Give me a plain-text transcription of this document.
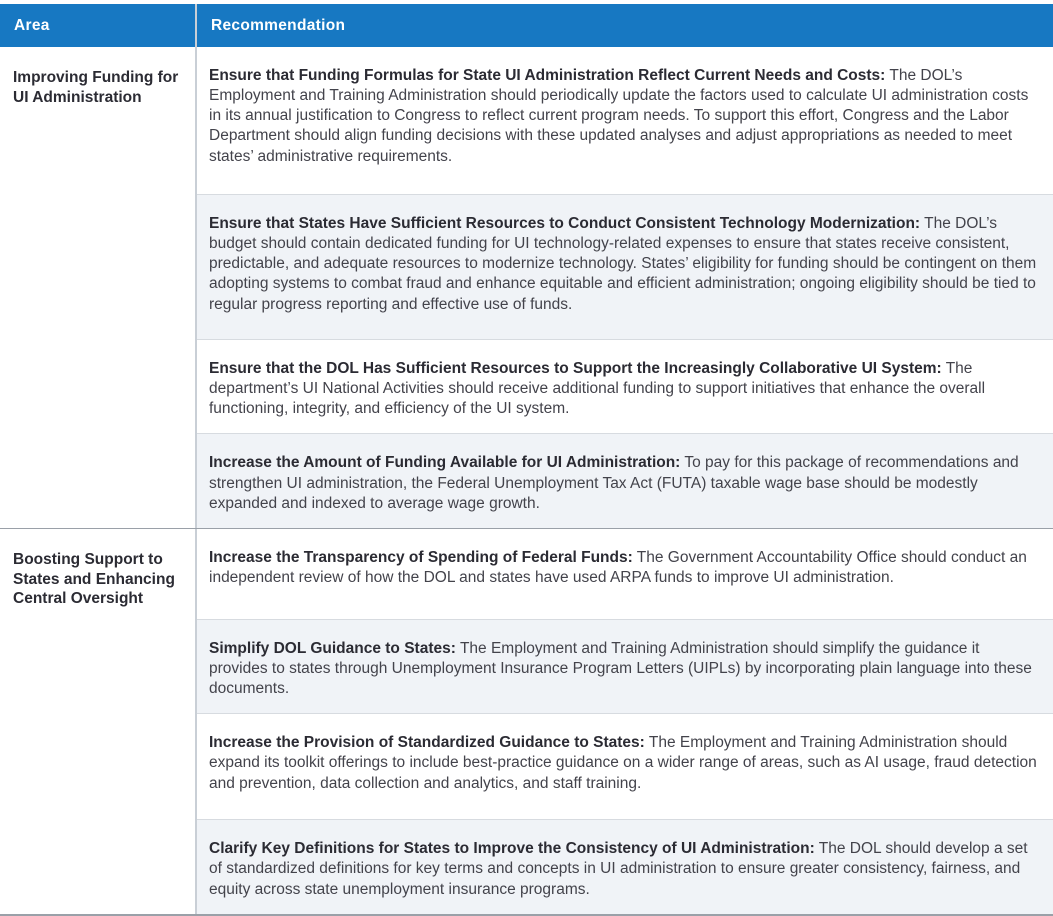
Area	Recommendation
Improving Funding for UI Administration

Ensure that Funding Formulas for State UI Administration Reflect Current Needs and Costs: The DOL’s Employment and Training Administration should periodically update the factors used to calculate UI administration costs in its annual justification to Congress to reflect current program needs. To support this effort, Congress and the Labor Department should align funding decisions with these updated analyses and adjust appropriations as needed to meet states’ administrative requirements.

Ensure that States Have Sufficient Resources to Conduct Consistent Technology Modernization: The DOL’s budget should contain dedicated funding for UI technology-related expenses to ensure that states receive consistent, predictable, and adequate resources to modernize technology. States’ eligibility for funding should be contingent on them adopting systems to combat fraud and enhance equitable and efficient administration; ongoing eligibility should be tied to regular progress reporting and effective use of funds.

Ensure that the DOL Has Sufficient Resources to Support the Increasingly Collaborative UI System: The department’s UI National Activities should receive additional funding to support initiatives that enhance the overall functioning, integrity, and efficiency of the UI system.

Increase the Amount of Funding Available for UI Administration: To pay for this package of recommendations and strengthen UI administration, the Federal Unemployment Tax Act (FUTA) taxable wage base should be modestly expanded and indexed to average wage growth.

Boosting Support to States and Enhancing Central Oversight

Increase the Transparency of Spending of Federal Funds: The Government Accountability Office should conduct an independent review of how the DOL and states have used ARPA funds to improve UI administration.

Simplify DOL Guidance to States: The Employment and Training Administration should simplify the guidance it provides to states through Unemployment Insurance Program Letters (UIPLs) by incorporating plain language into these documents.

Increase the Provision of Standardized Guidance to States: The Employment and Training Administration should expand its toolkit offerings to include best-practice guidance on a wider range of areas, such as AI usage, fraud detection and prevention, data collection and analytics, and staff training.

Clarify Key Definitions for States to Improve the Consistency of UI Administration: The DOL should develop a set of standardized definitions for key terms and concepts in UI administration to ensure greater consistency, fairness, and equity across state unemployment insurance programs.
